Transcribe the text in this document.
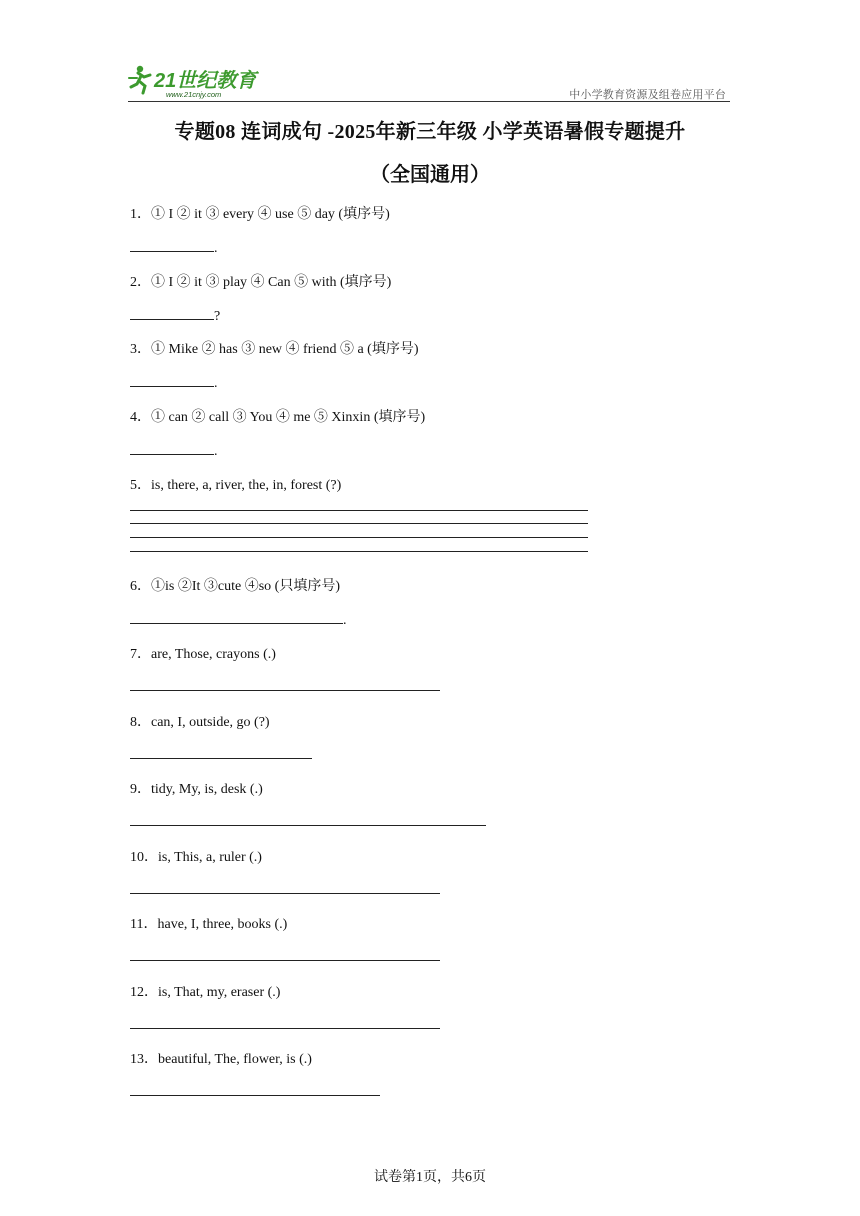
21世纪教育
www.21cnjy.com	中小学教育资源及组卷应用平台
专题08 连词成句 -2025年新三年级 小学英语暑假专题提升
（全国通用）
1．① I ② it ③ every ④ use ⑤ day (填序号)
.
2．① I ② it ③ play ④ Can ⑤ with (填序号)
?
3．① Mike ② has ③ new ④ friend ⑤ a (填序号)
.
4．① can ② call ③ You ④ me ⑤ Xinxin (填序号)
.
5．is, there, a, river, the, in, forest (?)
6．①is ②It ③cute ④so (只填序号)
.
7．are, Those, crayons (.)
8．can, I, outside, go (?)
9．tidy, My, is, desk (.)
10．is, This, a, ruler (.)
11．have, I, three, books (.)
12．is, That, my, eraser (.)
13．beautiful, The, flower, is (.)
试卷第1页，共6页
